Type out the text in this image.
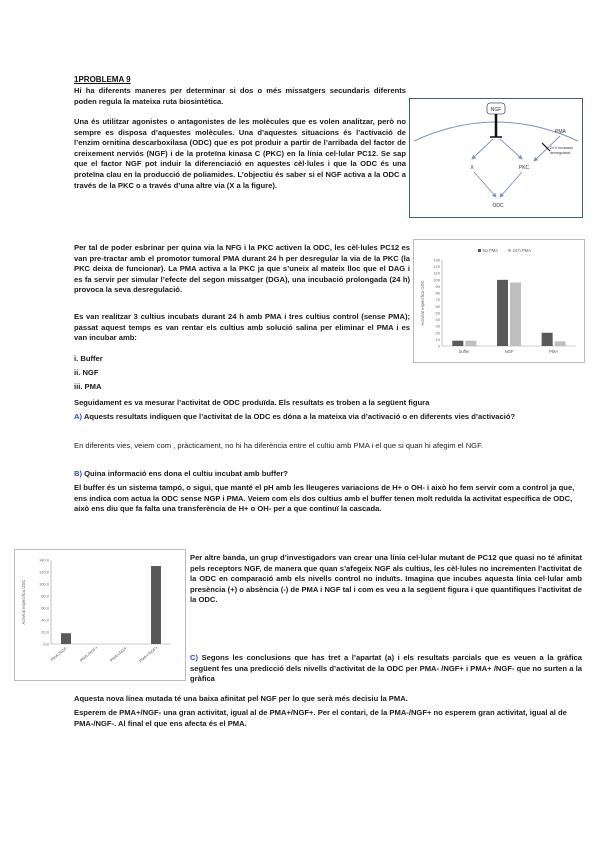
1PROBLEMA 9
Hi ha diferents maneres per determinar si dos o més missatgers secundaris diferents poden regula la mateixa ruta biosintètica.
Una és utilitzar agonistes o antagonistes de les molècules que es volen analitzar, però no sempre es disposa d’aquestes molècules. Una d’aquestes situacions és l’activació de l’enzim ornitina descarboxilasa (ODC) que es pot produir a partir de l’arribada del factor de creixement nerviós (NGF) i de la proteïna kinasa C (PKC) en la línia cel·lular PC12. Se sap que el factor NGF pot induir la diferenciació en aquestes cèl·lules i que la ODC és una proteïna clau en la producció de poliamides. L’objectiu és saber si el NGF activa a la ODC a través de la PKC o a través d’una altre via (X a la figure).
NGF
X	PKC
PMA
24 h incubació desregulació
ODC
Per tal de poder esbrinar per quina via la NFG i la PKC activen la ODC, les cèl·lules PC12 es van pre-tractar amb el promotor tumoral PMA durant 24 h per desregular la via de la PKC (la PKC deixa de funcionar). La PMA activa a la PKC ja que s’uneix al mateix lloc que el DAG i es fa servir per simular l’efecte del segon missatger (DGA), una incubació prolongada (24 h) provoca la seva desregulació.
Es van realitzar 3 cultius incubats durant 24 h amb PMA i tres cultius control (sense PMA); passat aquest temps es van rentar els cultius amb solució salina per eliminar el PMA i es van incubar amb:
i. Buffer
ii. NGF
iii. PMA
Activitat específica ODC
0
10
20
30
40
50
60
70
80
90
100
110
120
130
buffer	NGF	PMA
No PMA	24 h PMA
Seguidament es va mesurar l’activitat de ODC produïda. Els resultats es troben a la següent figura
A) Aquests resultats indiquen que l’activitat de la ODC es dóna a la mateixa via d’activació o en diferents vies d’activació?
En diferents vies, veiem com , pràcticament, no hi ha diferència entre el cultiu amb PMA i el que si quan hi afegim el NGF.
B) Quina informació ens dona el cultiu incubat amb buffer?
El buffer és un sistema tampó, o sigui, que manté el pH amb les lleugeres variacions de H+ o OH- i això ho fem servir com a control ja que, ens indica com actua la ODC sense NGP i PMA. Veiem com els dos cultius amb el buffer tenen molt reduïda la activitat específica de ODC, això ens diu que fa falta una transferència de H+ o OH- per a que continuï la cascada.
Activitat específica ODC
0,0
20,0
40,0
60,0
80,0
100,0
120,0
140,0
PMA-/NGF-	PMA-/NGF+	PMA+/NGF- PMA+/NGF+
Per altre banda, un grup d’investigadors van crear una línia cel·lular mutant de PC12 que quasi no té afinitat pels receptors NGF, de manera que quan s’afegeix NGF als cultius, les cèl·lules no incrementen l’activitat de la ODC en comparació amb els nivells control no induïts. Imagina que incubes aquesta línia cel·lular amb presència (+) o absència (-) de PMA i NGF tal i com es veu a la següent figura i que quantifiques l’activitat de la ODC.
C) Segons les conclusions que has tret a l’apartat (a) i els resultats parcials que es veuen a la gràfica següent fes una predicció dels nivells d’activitat de la ODC per PMA- /NGF+ i PMA+ /NGF- que no surten a la gràfica
Aquesta nova línea mutada té una baixa afinitat pel NGF per lo que serà més decisiu la PMA.
Esperem de PMA+/NGF- una gran activitat, igual al de PMA+/NGF+. Per el contari, de la PMA-/NGF+ no esperem gran activitat, igual al de PMA-/NGF-. Al final el que ens afecta és el PMA.
